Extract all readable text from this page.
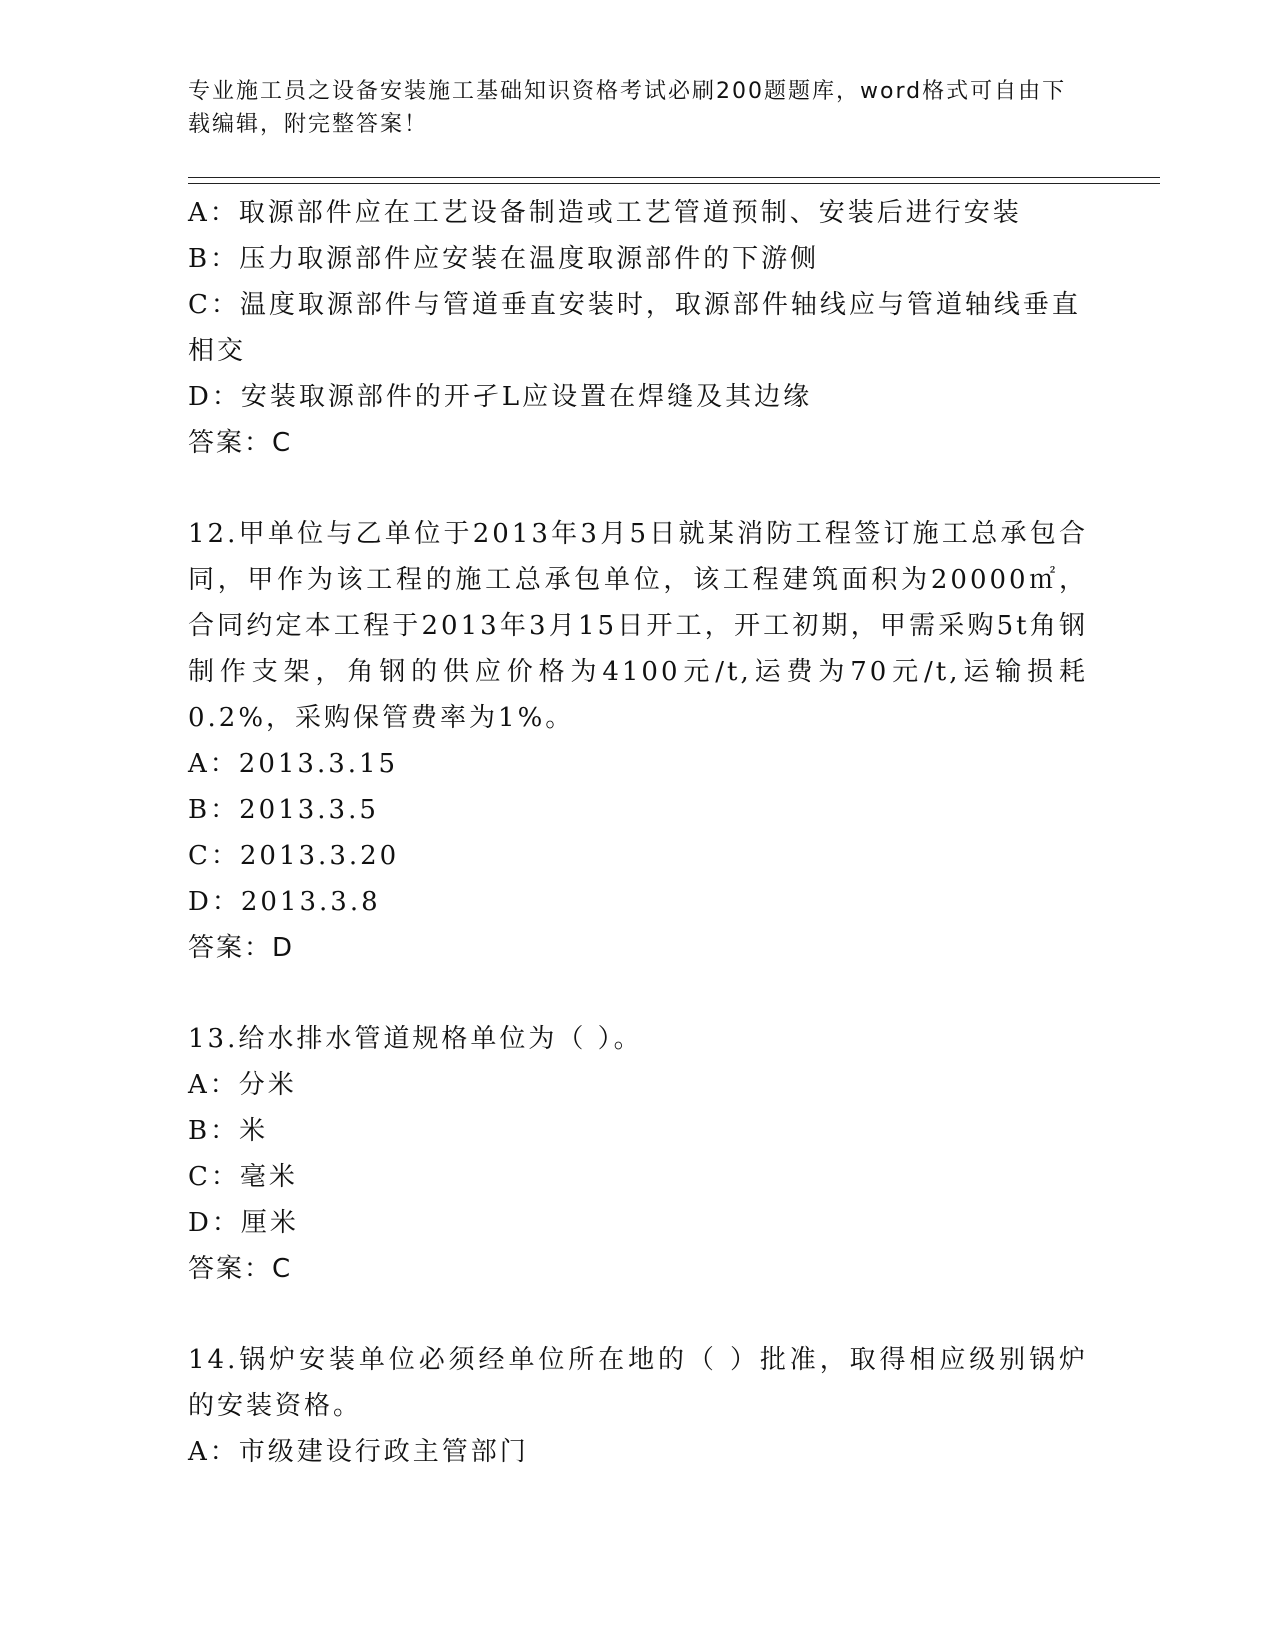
专业施工员之设备安装施工基础知识资格考试必刷200题题库，word格式可自由下载编辑，附完整答案！
A：取源部件应在工艺设备制造或工艺管道预制、安装后进行安装
B：压力取源部件应安装在温度取源部件的下游侧
C：温度取源部件与管道垂直安装时，取源部件轴线应与管道轴线垂直相交
D：安装取源部件的开孑L应设置在焊缝及其边缘
答案：C
12.甲单位与乙单位于2013年3月5日就某消防工程签订施工总承包合同，甲作为该工程的施工总承包单位，该工程建筑面积为20000㎡，合同约定本工程于2013年3月15日开工，开工初期，甲需采购5t角钢制作支架，角钢的供应价格为4100元/t,运费为70元/t,运输损耗0.2%，采购保管费率为1%。
A：2013.3.15
B：2013.3.5
C：2013.3.20
D：2013.3.8
答案：D
13.给水排水管道规格单位为（ ）。
A：分米
B：米
C：毫米
D：厘米
答案：C
14.锅炉安装单位必须经单位所在地的（ ）批准，取得相应级别锅炉的安装资格。
A：市级建设行政主管部门
